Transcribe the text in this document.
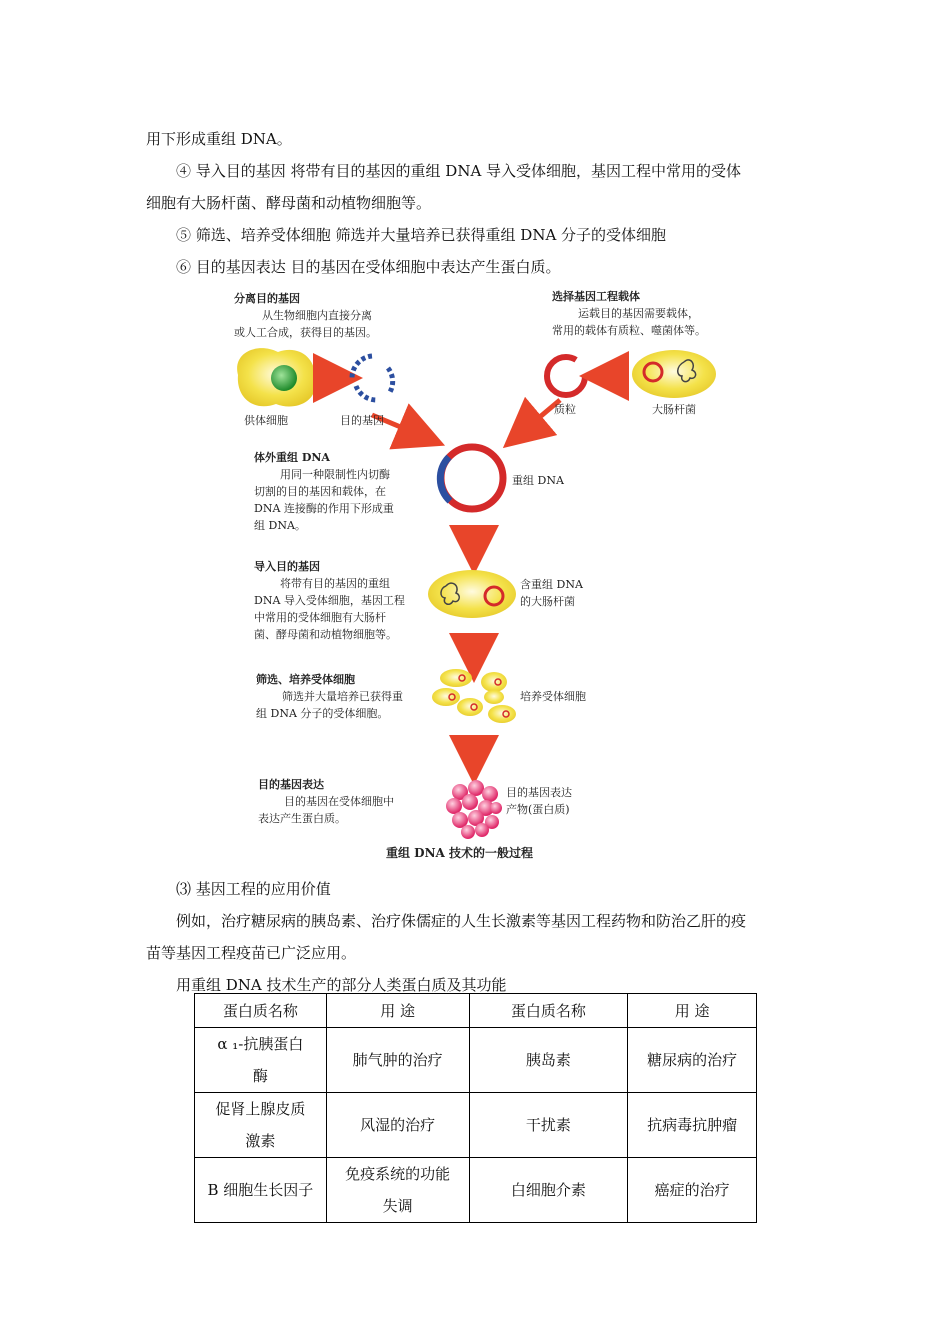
用下形成重组 DNA。
④ 导入目的基因 将带有目的基因的重组 DNA 导入受体细胞，基因工程中常用的受体
细胞有大肠杆菌、酵母菌和动植物细胞等。
⑤ 筛选、培养受体细胞 筛选并大量培养已获得重组 DNA 分子的受体细胞
⑥ 目的基因表达 目的基因在受体细胞中表达产生蛋白质。
分离目的基因
从生物细胞内直接分离
或人工合成，获得目的基因。
选择基因工程载体
运载目的基因需要载体，
常用的载体有质粒、噬菌体等。
供体细胞	目的基因
质粒	大肠杆菌
重组 DNA
含重组 DNA
的大肠杆菌
培养受体细胞
目的基因表达
产物(蛋白质)
体外重组 DNA
用同一种限制性内切酶
切割的目的基因和载体，在
DNA 连接酶的作用下形成重
组 DNA。
导入目的基因
将带有目的基因的重组
DNA 导入受体细胞，基因工程
中常用的受体细胞有大肠杆
菌、酵母菌和动植物细胞等。
筛选、培养受体细胞
筛选并大量培养已获得重
组 DNA 分子的受体细胞。
目的基因表达
目的基因在受体细胞中
表达产生蛋白质。
重组 DNA 技术的一般过程
⑶ 基因工程的应用价值
例如，治疗糖尿病的胰岛素、治疗侏儒症的人生长激素等基因工程药物和防治乙肝的疫
苗等基因工程疫苗已广泛应用。
用重组 DNA 技术生产的部分人类蛋白质及其功能
蛋白质名称	用 途	蛋白质名称	用 途

α ₁-抗胰蛋白
酶	肺气肿的治疗	胰岛素	糖尿病的治疗

促肾上腺皮质
激素	风湿的治疗	干扰素	抗病毒抗肿瘤

B 细胞生长因子	免疫系统的功能
失调	白细胞介素	癌症的治疗
